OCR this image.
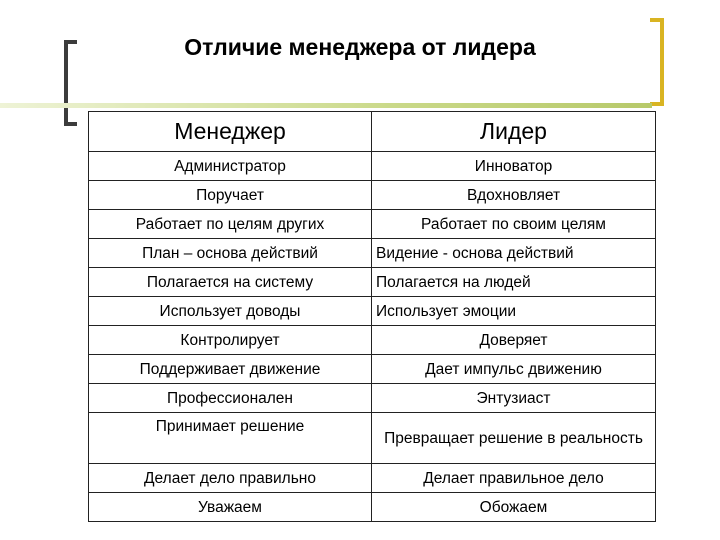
Отличие менеджера от лидера
Менеджер	Лидер
Администратор	Инноватор
Поручает	Вдохновляет
Работает по целям других	Работает по своим целям
План – основа действий	Видение - основа действий
Полагается на систему	Полагается на людей
Использует доводы	Использует эмоции
Контролирует	Доверяет
Поддерживает движение	Дает импульс движению
Профессионален	Энтузиаст
Принимает решение	Превращает решение в реальность
Делает дело правильно	Делает правильное дело
Уважаем	Обожаем
